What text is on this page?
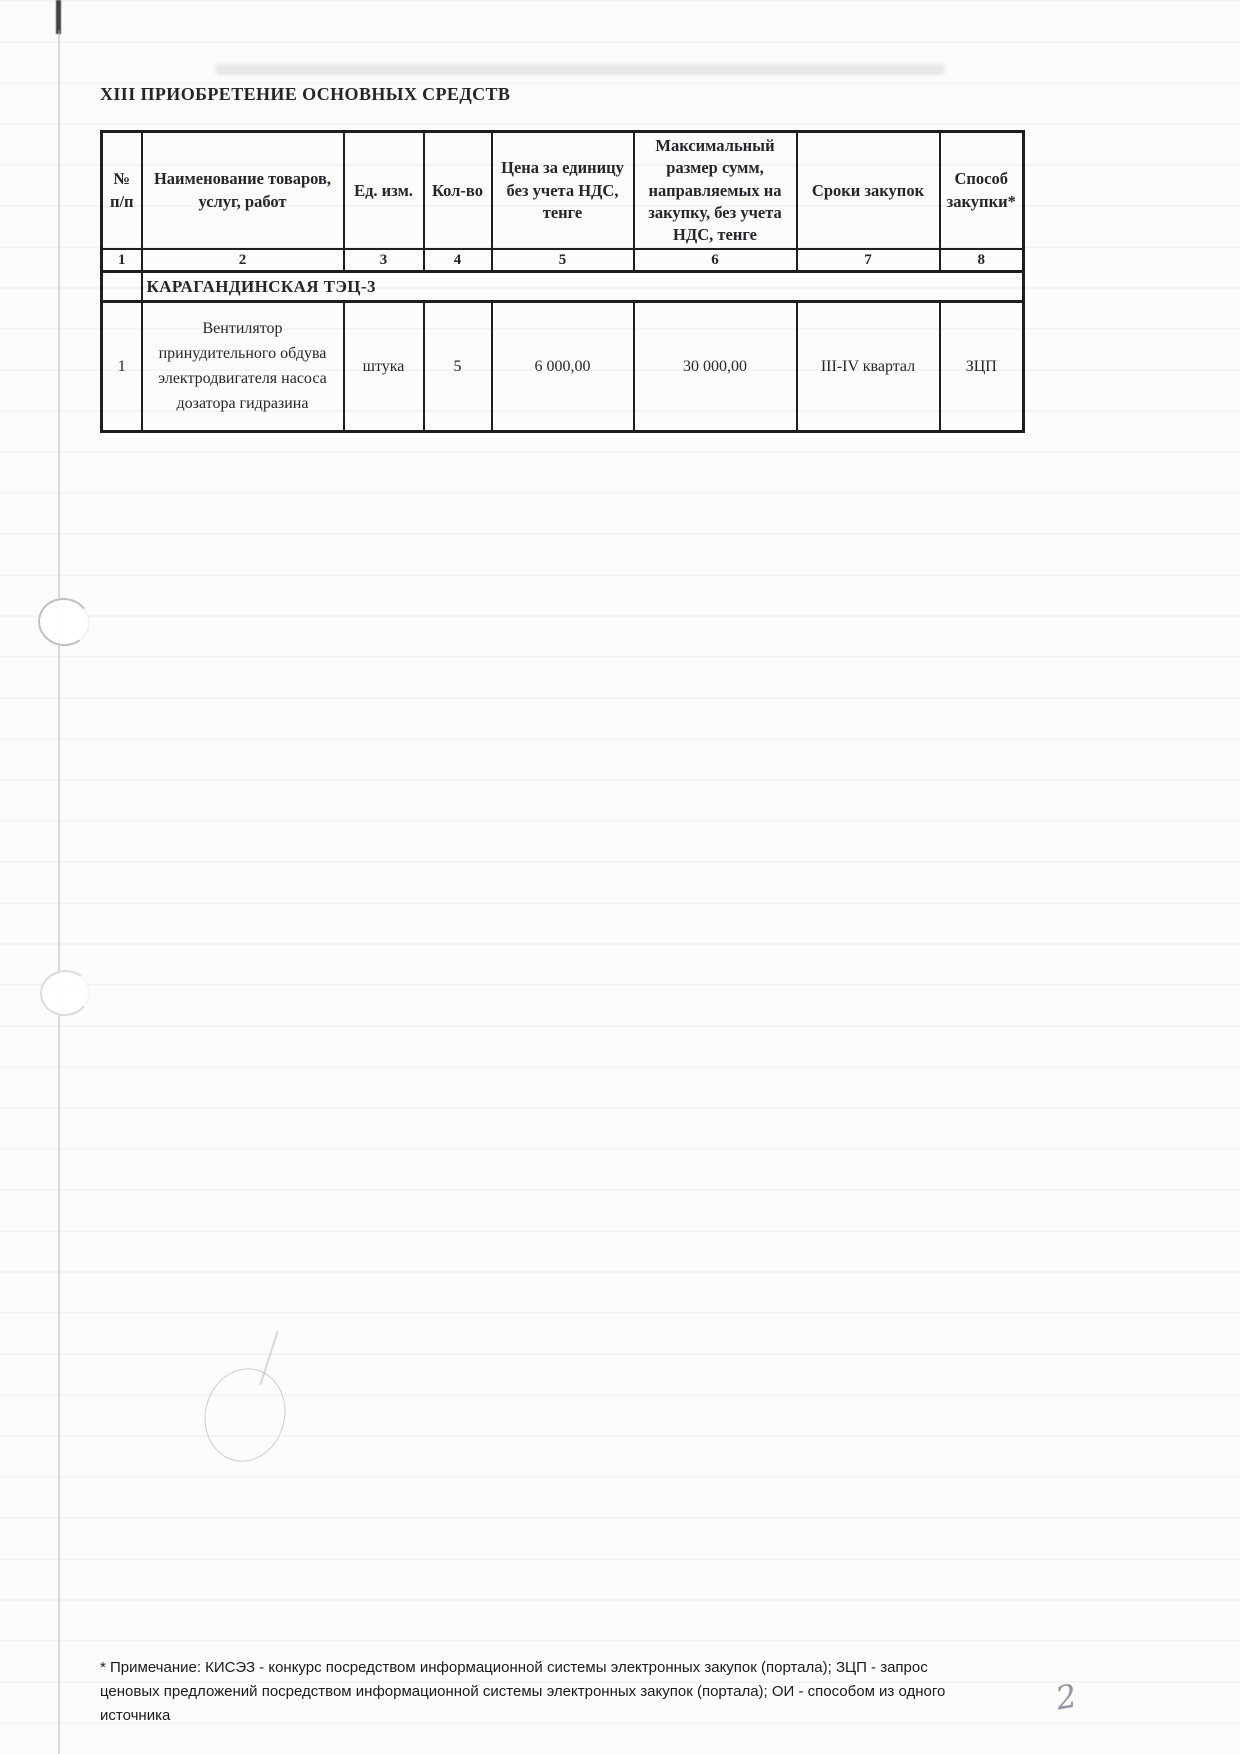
XIII ПРИОБРЕТЕНИЕ ОСНОВНЫХ СРЕДСТВ
№ п/п	Наименование товаров, услуг, работ	Ед. изм.	Кол-во	Цена за единицу без учета НДС, тенге	Максимальный размер сумм, направляемых на закупку, без учета НДС, тенге	Сроки закупок	Способ закупки*
1	2	3	4	5	6	7	8
	КАРАГАНДИНСКАЯ ТЭЦ-3						
1	Вентилятор принудительного обдува электродвигателя насоса дозатора гидразина	штука	5	6 000,00	30 000,00	III-IV квартал	ЗЦП

* Примечание: КИСЭЗ - конкурс посредством информационной системы электронных закупок (портала); ЗЦП - запрос ценовых предложений посредством информационной системы электронных закупок (портала); ОИ - способом из одного источника	2
